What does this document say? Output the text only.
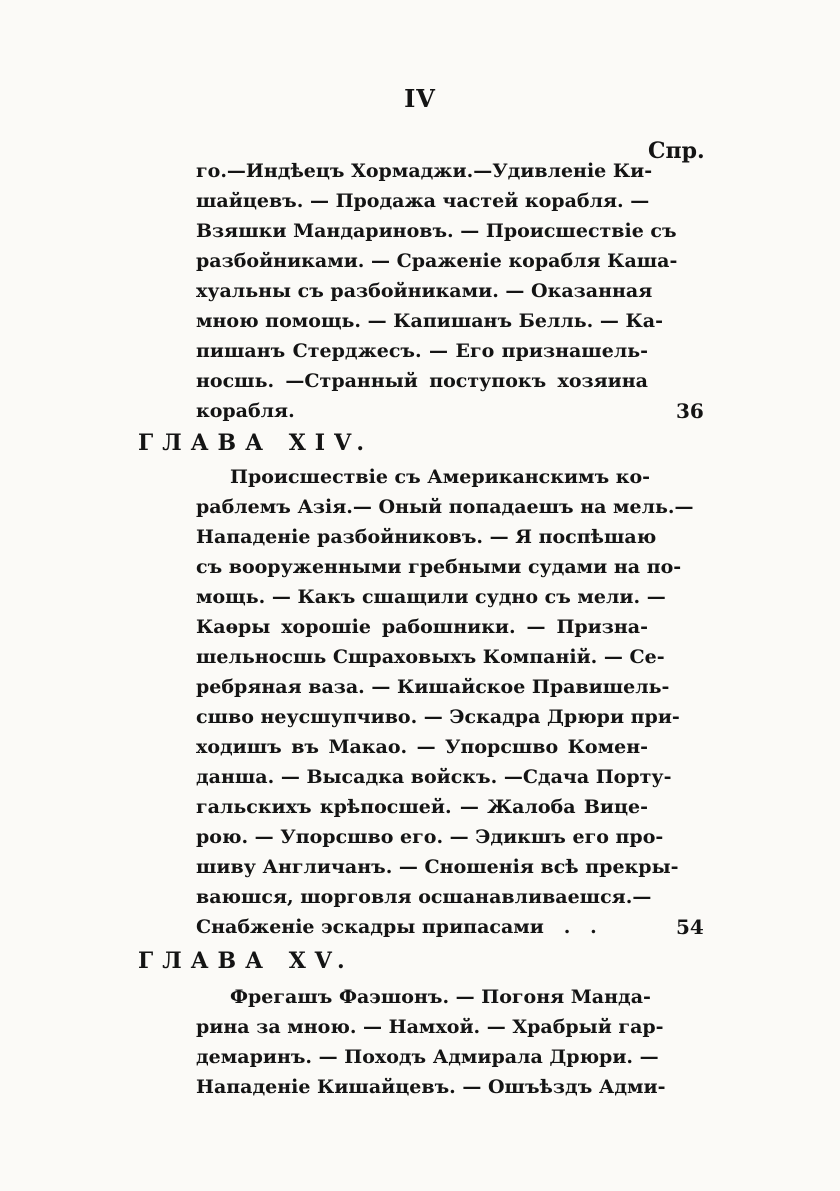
IV
Спр.
го.—Индѣецъ Хормаджи.—Удивленіе Ки-
шайцевъ. — Продажа частей корабля. —
Взяшки Мандариновъ. — Происшествіе съ
разбойниками. — Сраженіе корабля Каша-
хуальны съ разбойниками. — Оказанная
мною помощь. — Капишанъ Белль. — Ка-
пишанъ Стерджесъ. — Его признашель-
носшь. —Странный поступокъ хозяина
корабля.	36
ГЛАВА XIV.
Происшествіе съ Американскимъ ко-
раблемъ Азія.— Оный попадаешъ на мель.—
Нападеніе разбойниковъ. — Я поспѣшаю
съ вооруженными гребными судами на по-
мощь. — Какъ сшащили судно съ мели. —
Каѳры хорошіе рабошники. — Призна-
шельносшь Сшраховыхъ Компаній. — Се-
ребряная ваза. — Кишайское Правишель-
сшво неусшупчиво. — Эскадра Дрюри при-
ходишъ въ Макао. — Упорсшво Комен-
данша. — Высадка войскъ. —Сдача Порту-
гальскихъ крѣпосшей. — Жалоба Вице-
рою. — Упорсшво его. — Эдикшъ его про-
шиву Англичанъ. — Сношенія всѣ прекры-
ваюшся, шорговля осшанавливаешся.—
Снабженіе эскадры припасами   .   .	54
ГЛАВА XV.
Фрегашъ Фаэшонъ. — Погоня Манда-
рина за мною. — Намхой. — Храбрый гар-
демаринъ. — Походъ Адмирала Дрюри. —
Нападеніе Кишайцевъ. — Ошъѣздъ Адми-
